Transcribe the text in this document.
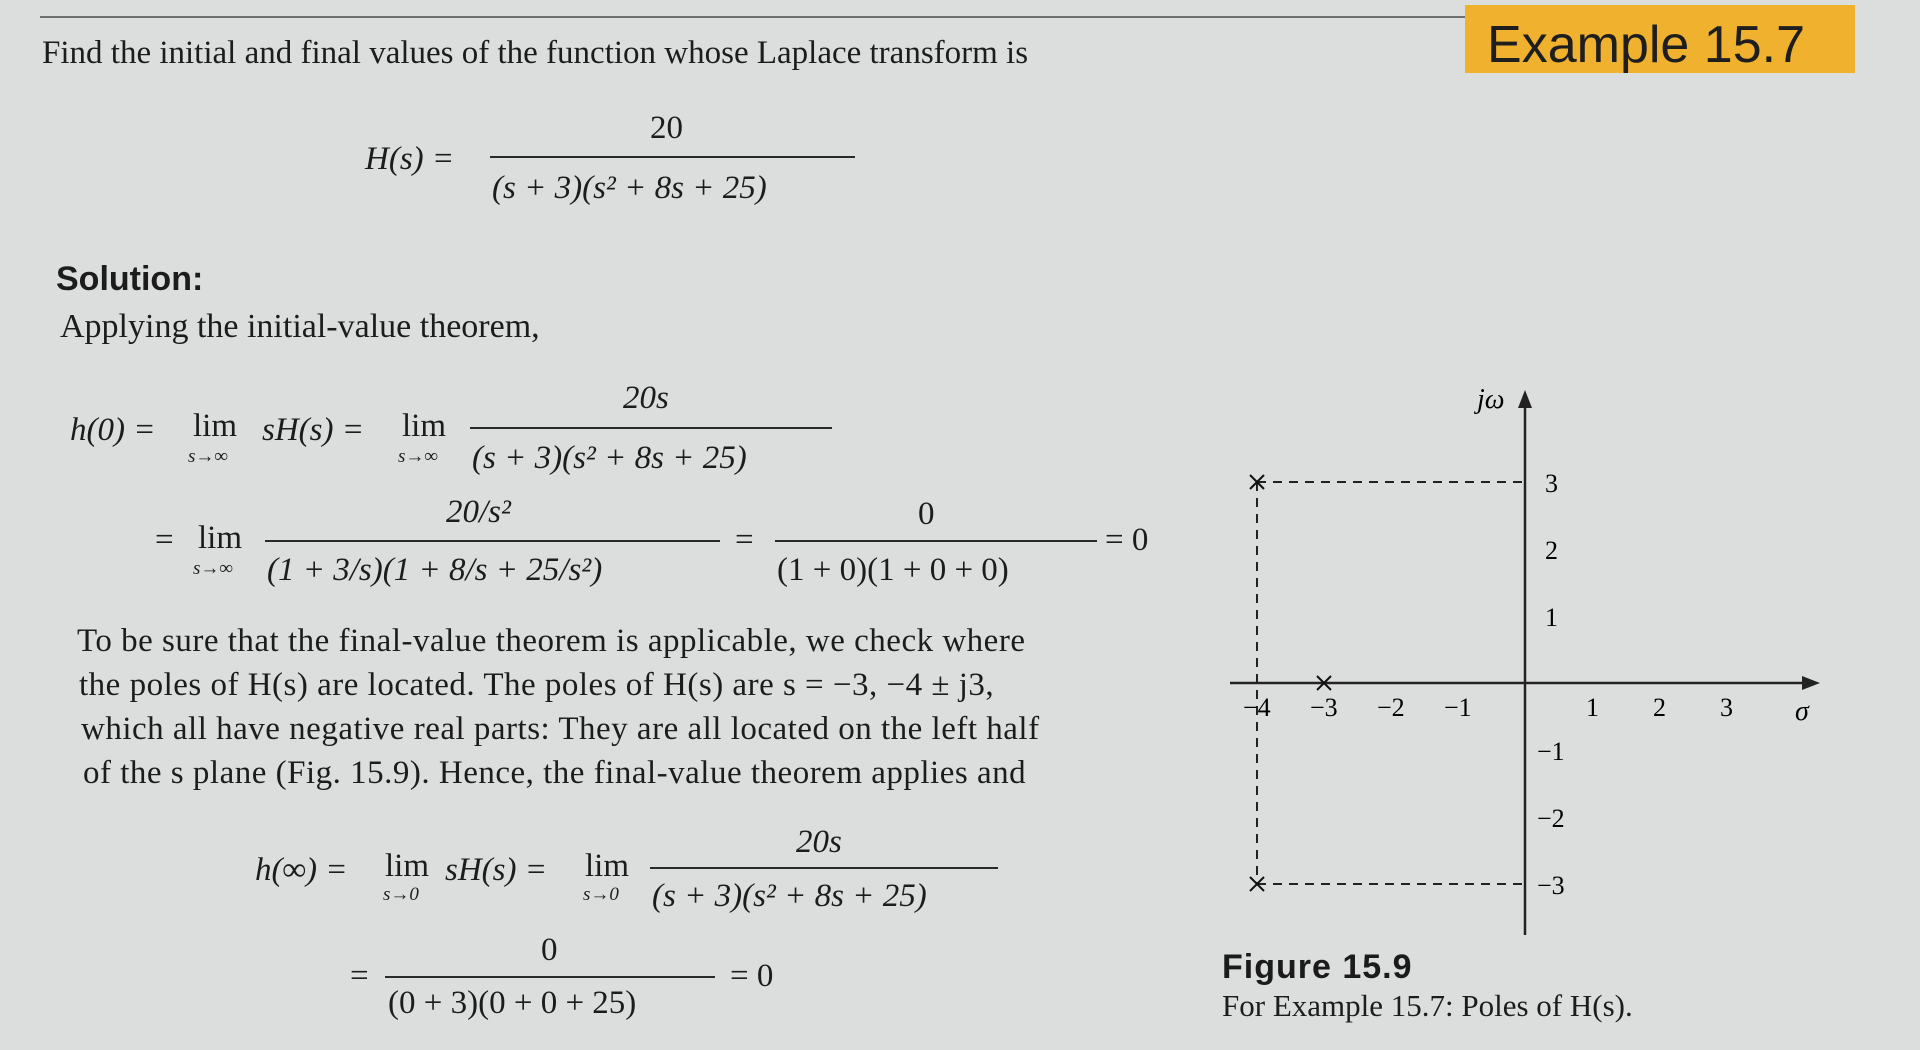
Example 15.7
Find the initial and final values of the function whose Laplace transform is
H(s) =
20
(s + 3)(s² + 8s + 25)
Solution:
Applying the initial-value theorem,
h(0) = lim
s→∞
sH(s) = lim
s→∞
20s
(s + 3)(s² + 8s + 25)
= lim
s→∞
20/s²
(1 + 3/s)(1 + 8/s + 25/s²)
=
0
(1 + 0)(1 + 0 + 0)
= 0
To be sure that the final-value theorem is applicable, we check where
the poles of H(s) are located. The poles of H(s) are s = −3, −4 ± j3,
which all have negative real parts: They are all located on the left half
of the s plane (Fig. 15.9). Hence, the final-value theorem applies and
h(∞) = lim
s→0
sH(s) = lim
s→0
20s
(s + 3)(s² + 8s + 25)
=
0
(0 + 3)(0 + 0 + 25)
= 0
jω
σ
−4 −3 −2 −1	1 2 3
3
2
1
−1
−2
−3
Figure 15.9
For Example 15.7: Poles of H(s).
